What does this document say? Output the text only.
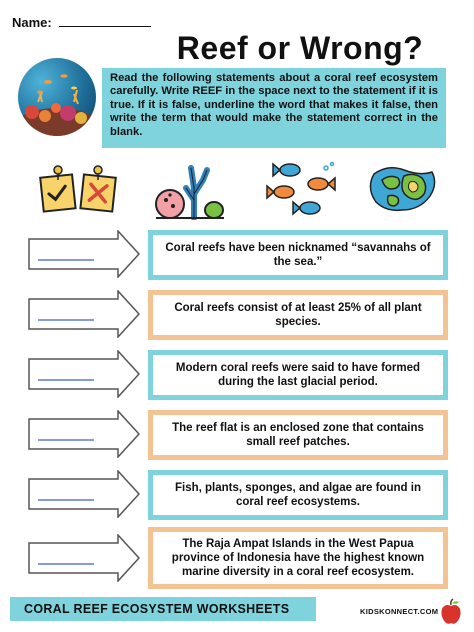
Name:
Reef or Wrong?
Read the following statements about a coral reef ecosystem carefully. Write REEF in the space next to the statement if it is true. If it is false, underline the word that makes it false, then write the term that would make the statement correct in the blank.
Coral reefs have been nicknamed “savannahs of the sea.”
Coral reefs consist of at least 25% of all plant species.
Modern coral reefs were said to have formed during the last glacial period.
The reef flat is an enclosed zone that contains small reef patches.
Fish, plants, sponges, and algae are found in coral reef ecosystems.
The Raja Ampat Islands in the West Papua province of Indonesia have the highest known marine diversity in a coral reef ecosystem.
CORAL REEF ECOSYSTEM WORKSHEETS	KIDSKONNECT.COM
